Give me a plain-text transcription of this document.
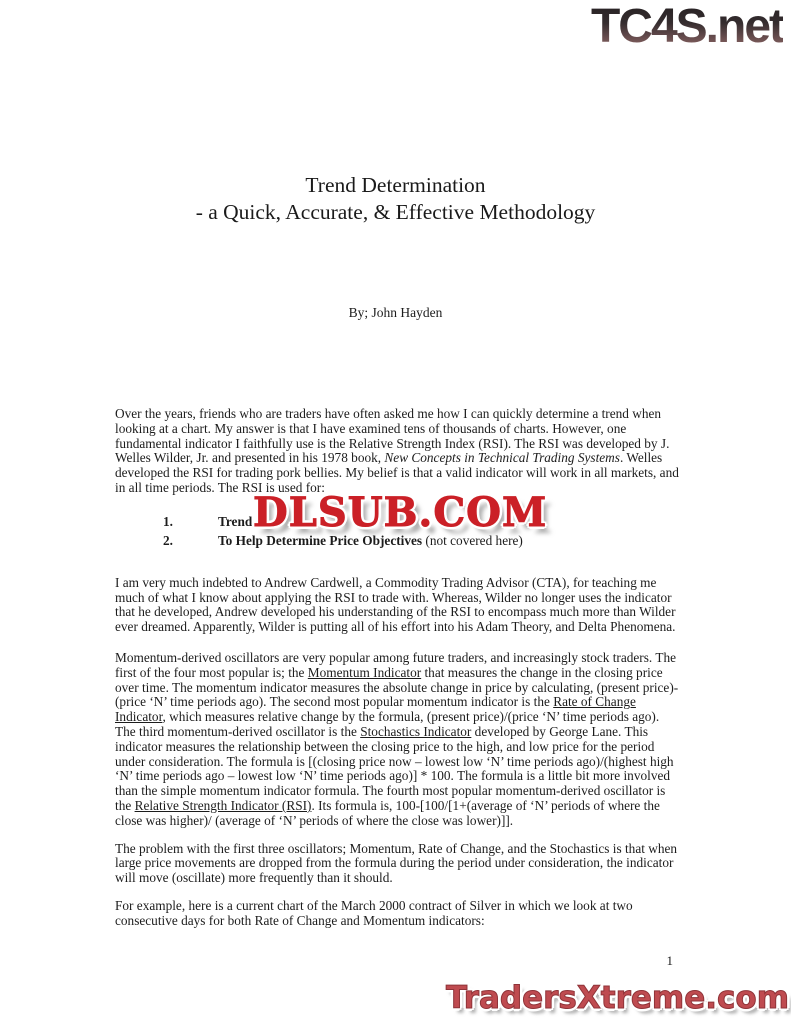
TC4S.net
Trend Determination
- a Quick, Accurate, & Effective Methodology
By; John Hayden

Over the years, friends who are traders have often asked me how I can quickly determine a trend when looking at a chart. My answer is that I have examined tens of thousands of charts. However, one fundamental indicator I faithfully use is the Relative Strength Index (RSI). The RSI was developed by J. Welles Wilder, Jr. and presented in his 1978 book, New Concepts in Technical Trading Systems. Welles developed the RSI for trading pork bellies. My belief is that a valid indicator will work in all markets, and in all time periods. The RSI is used for:

1.	Trend A
2.	To Help Determine Price Objectives (not covered here)

I am very much indebted to Andrew Cardwell, a Commodity Trading Advisor (CTA), for teaching me much of what I know about applying the RSI to trade with. Whereas, Wilder no longer uses the indicator that he developed, Andrew developed his understanding of the RSI to encompass much more than Wilder ever dreamed. Apparently, Wilder is putting all of his effort into his Adam Theory, and Delta Phenomena.

Momentum-derived oscillators are very popular among future traders, and increasingly stock traders. The first of the four most popular is; the Momentum Indicator that measures the change in the closing price over time. The momentum indicator measures the absolute change in price by calculating, (present price)-(price ‘N’ time periods ago). The second most popular momentum indicator is the Rate of Change Indicator, which measures relative change by the formula, (present price)/(price ‘N’ time periods ago). The third momentum-derived oscillator is the Stochastics Indicator developed by George Lane. This indicator measures the relationship between the closing price to the high, and low price for the period under consideration. The formula is [(closing price now – lowest low ‘N’ time periods ago)/(highest high ‘N’ time periods ago – lowest low ‘N’ time periods ago)] * 100. The formula is a little bit more involved than the simple momentum indicator formula. The fourth most popular momentum-derived oscillator is the Relative Strength Indicator (RSI). Its formula is, 100-[100/[1+(average of ‘N’ periods of where the close was higher)/ (average of ‘N’ periods of where the close was lower)]].

The problem with the first three oscillators; Momentum, Rate of Change, and the Stochastics is that when large price movements are dropped from the formula during the period under consideration, the indicator will move (oscillate) more frequently than it should.

For example, here is a current chart of the March 2000 contract of Silver in which we look at two consecutive days for both Rate of Change and Momentum indicators:

DLSUB.COM
1
TradersXtreme.com
